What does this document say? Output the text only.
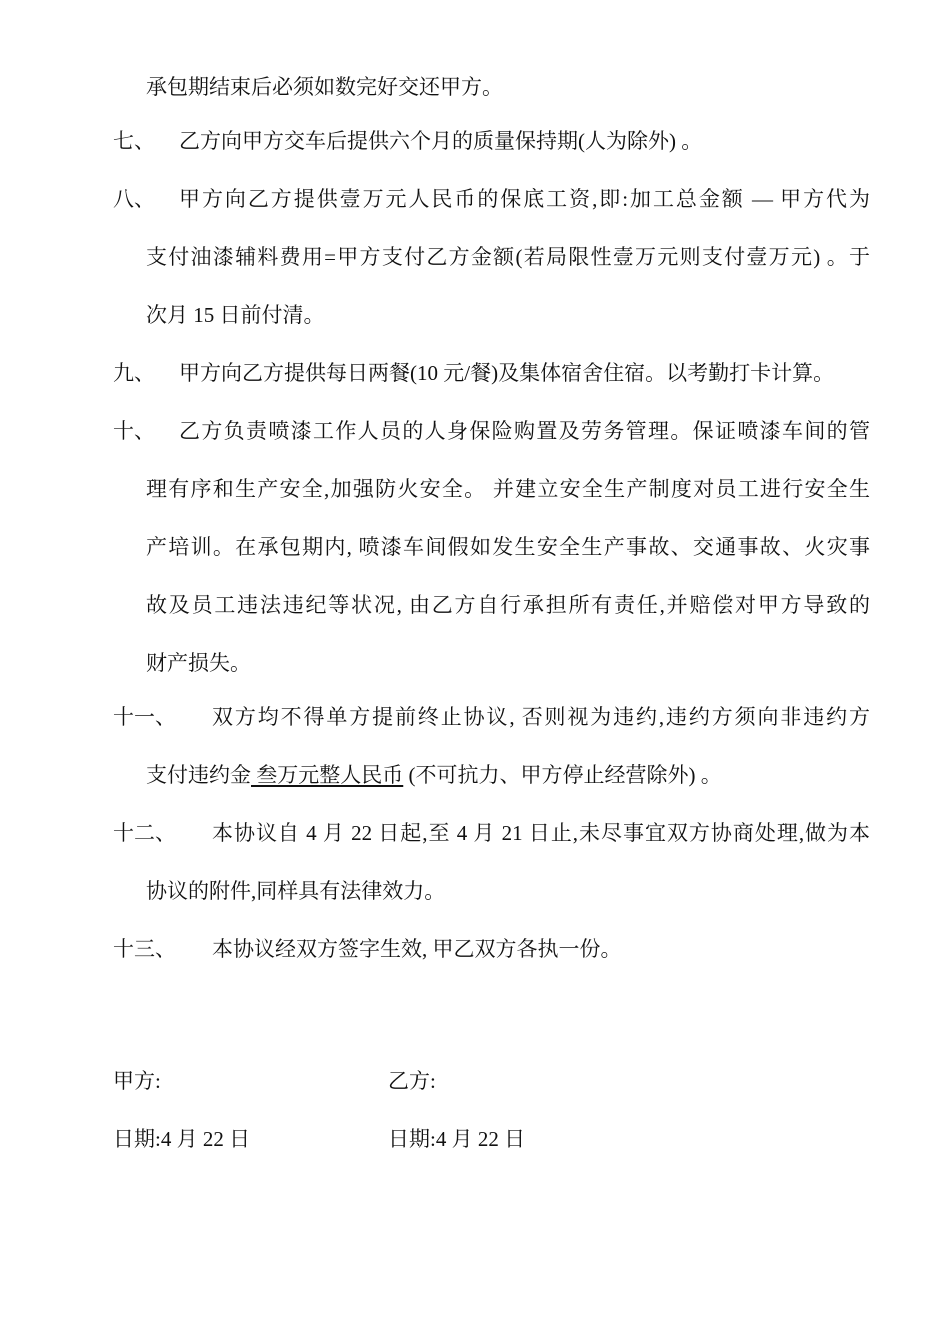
承包期结束后必须如数完好交还甲方。
七、 乙方向甲方交车后提供六个月的质量保持期(人为除外) 。
八、 甲方向乙方提供壹万元人民币的保底工资,即:加工总金额 — 甲方代为
支付油漆辅料费用=甲方支付乙方金额(若局限性壹万元则支付壹万元) 。于
次月 15 日前付清。
九、 甲方向乙方提供每日两餐(10 元/餐)及集体宿舍住宿。以考勤打卡计算。
十、 乙方负责喷漆工作人员的人身保险购置及劳务管理。保证喷漆车间的管
理有序和生产安全,加强防火安全。 并建立安全生产制度对员工进行安全生
产培训。在承包期内, 喷漆车间假如发生安全生产事故、交通事故、火灾事
故及员工违法违纪等状况, 由乙方自行承担所有责任,并赔偿对甲方导致的
财产损失。
十一、 双方均不得单方提前终止协议, 否则视为违约,违约方须向非违约方
支付违约金 叁万元整人民币 (不可抗力、甲方停止经营除外) 。
十二、 本协议自 4 月 22 日起,至 4 月 21 日止,未尽事宜双方协商处理,做为本
协议的附件,同样具有法律效力。
十三、 本协议经双方签字生效, 甲乙双方各执一份。
甲方:	乙方:
日期:4 月 22 日	日期:4 月 22 日
